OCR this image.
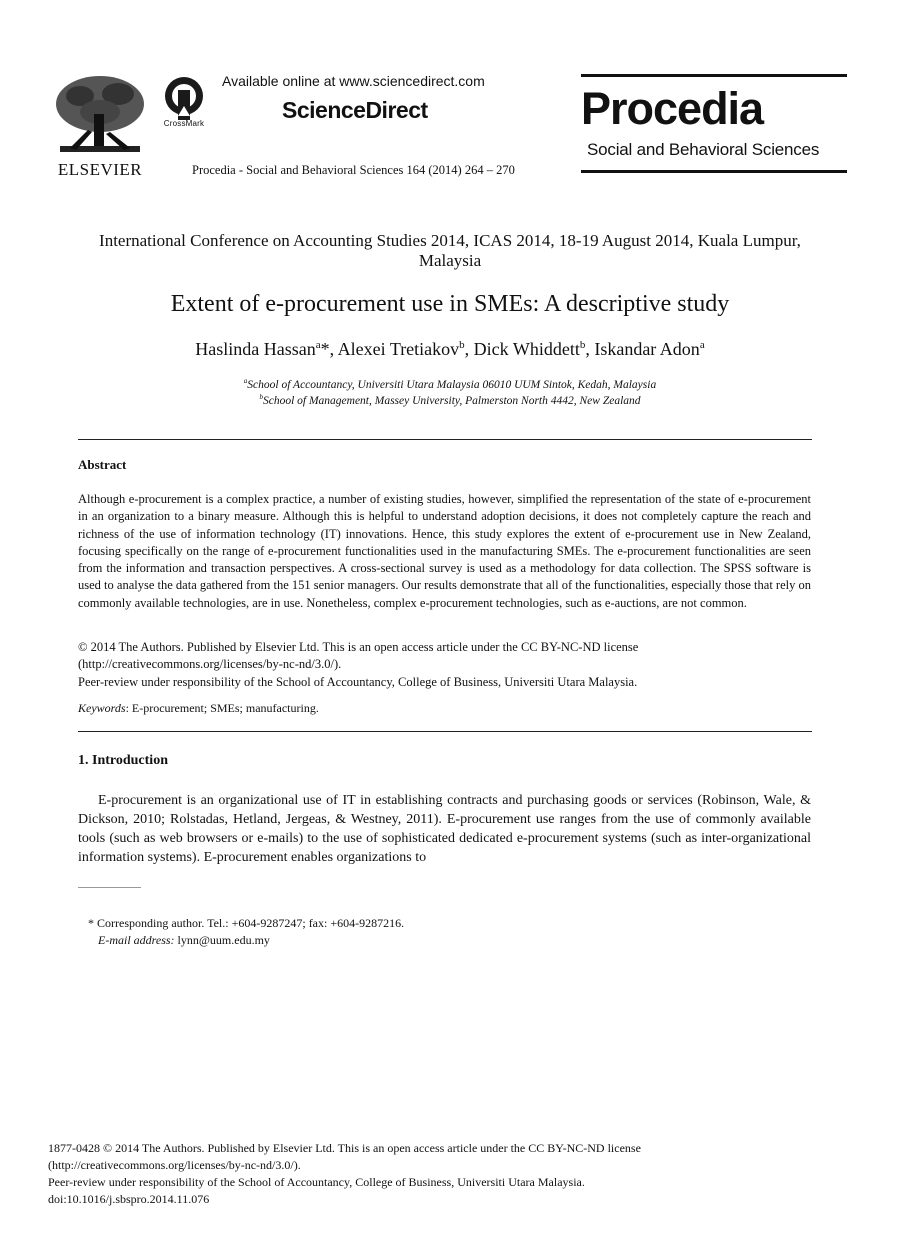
ELSEVIER
CrossMark
Available online at www.sciencedirect.com
ScienceDirect
Procedia - Social and Behavioral Sciences 164 (2014) 264 – 270
Procedia
Social and Behavioral Sciences
International Conference on Accounting Studies 2014, ICAS 2014, 18-19 August 2014, Kuala Lumpur, Malaysia
Extent of e-procurement use in SMEs: A descriptive study
Haslinda Hassan$^a$*, Alexei Tretiakov$^b$, Dick Whiddett$^b$, Iskandar Adon$^a$
$^a$School of Accountancy, Universiti Utara Malaysia 06010 UUM Sintok, Kedah, Malaysia
$^b$School of Management, Massey University, Palmerston North 4442, New Zealand
Abstract
Although e-procurement is a complex practice, a number of existing studies, however, simplified the representation of the state of e-procurement in an organization to a binary measure. Although this is helpful to understand adoption decisions, it does not completely capture the reach and richness of the use of information technology (IT) innovations. Hence, this study explores the extent of e-procurement use in New Zealand, focusing specifically on the range of e-procurement functionalities used in the manufacturing SMEs. The e-procurement functionalities are seen from the information and transaction perspectives. A cross-sectional survey is used as a methodology for data collection. The SPSS software is used to analyse the data gathered from the 151 senior managers. Our results demonstrate that all of the functionalities, especially those that rely on commonly available technologies, are in use. Nonetheless, complex e-procurement technologies, such as e-auctions, are not common.
© 2014 The Authors. Published by Elsevier Ltd. This is an open access article under the CC BY-NC-ND license
(http://creativecommons.org/licenses/by-nc-nd/3.0/).
Peer-review under responsibility of the School of Accountancy, College of Business, Universiti Utara Malaysia.
Keywords: E-procurement; SMEs; manufacturing.
1. Introduction
E-procurement is an organizational use of IT in establishing contracts and purchasing goods or services (Robinson, Wale, & Dickson, 2010; Rolstadas, Hetland, Jergeas, & Westney, 2011). E-procurement use ranges from the use of commonly available tools (such as web browsers or e-mails) to the use of sophisticated dedicated e-procurement systems (such as inter-organizational information systems). E-procurement enables organizations to
* Corresponding author. Tel.: +604-9287247; fax: +604-9287216.
E-mail address: lynn@uum.edu.my
1877-0428 © 2014 The Authors. Published by Elsevier Ltd. This is an open access article under the CC BY-NC-ND license
(http://creativecommons.org/licenses/by-nc-nd/3.0/).
Peer-review under responsibility of the School of Accountancy, College of Business, Universiti Utara Malaysia.
doi:10.1016/j.sbspro.2014.11.076
